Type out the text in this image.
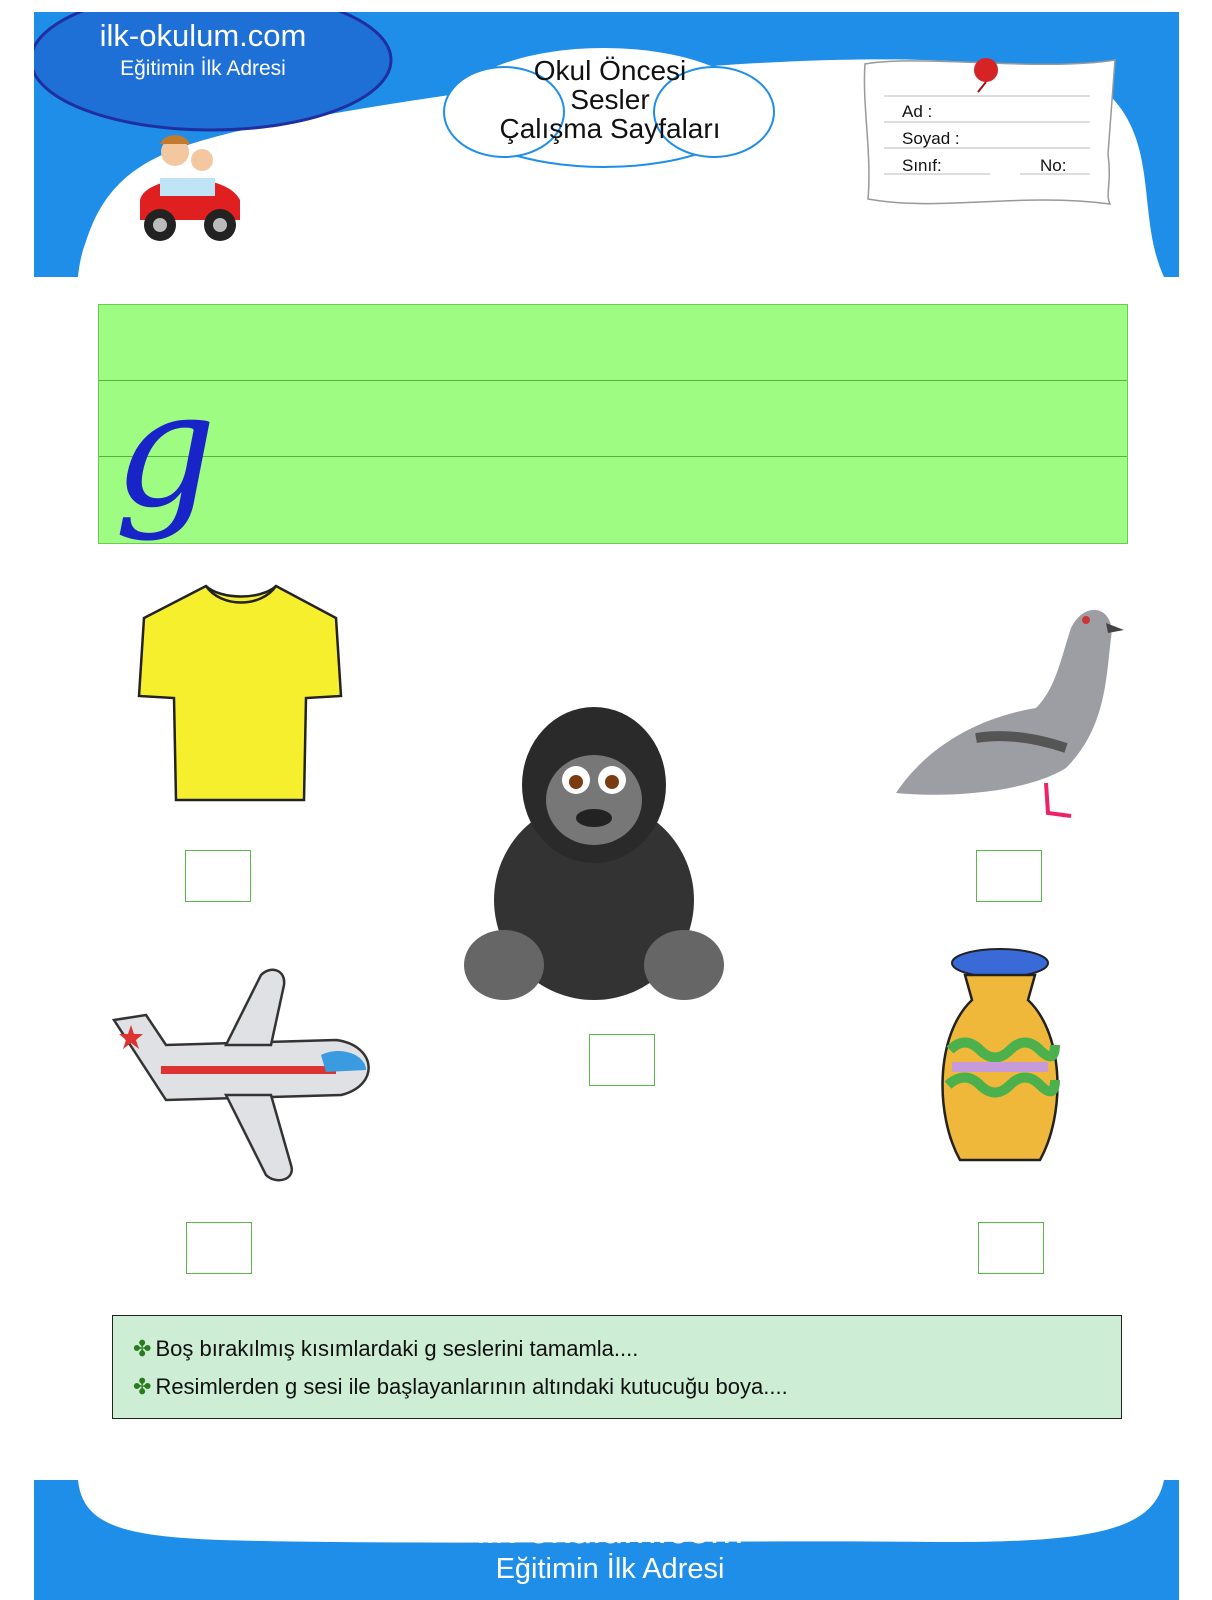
ilk-okulum.com
Eğitimin İlk Adresi	Okul Öncesi
Sesler
Çalışma Sayfaları
Ad :
Soyad :
Sınıf:	No:
g
✤ Boş bırakılmış kısımlardaki g seslerini tamamla....
✤ Resimlerden g sesi ile başlayanlarının altındaki kutucuğu boya....
ilk-okulum.com
Eğitimin İlk Adresi
